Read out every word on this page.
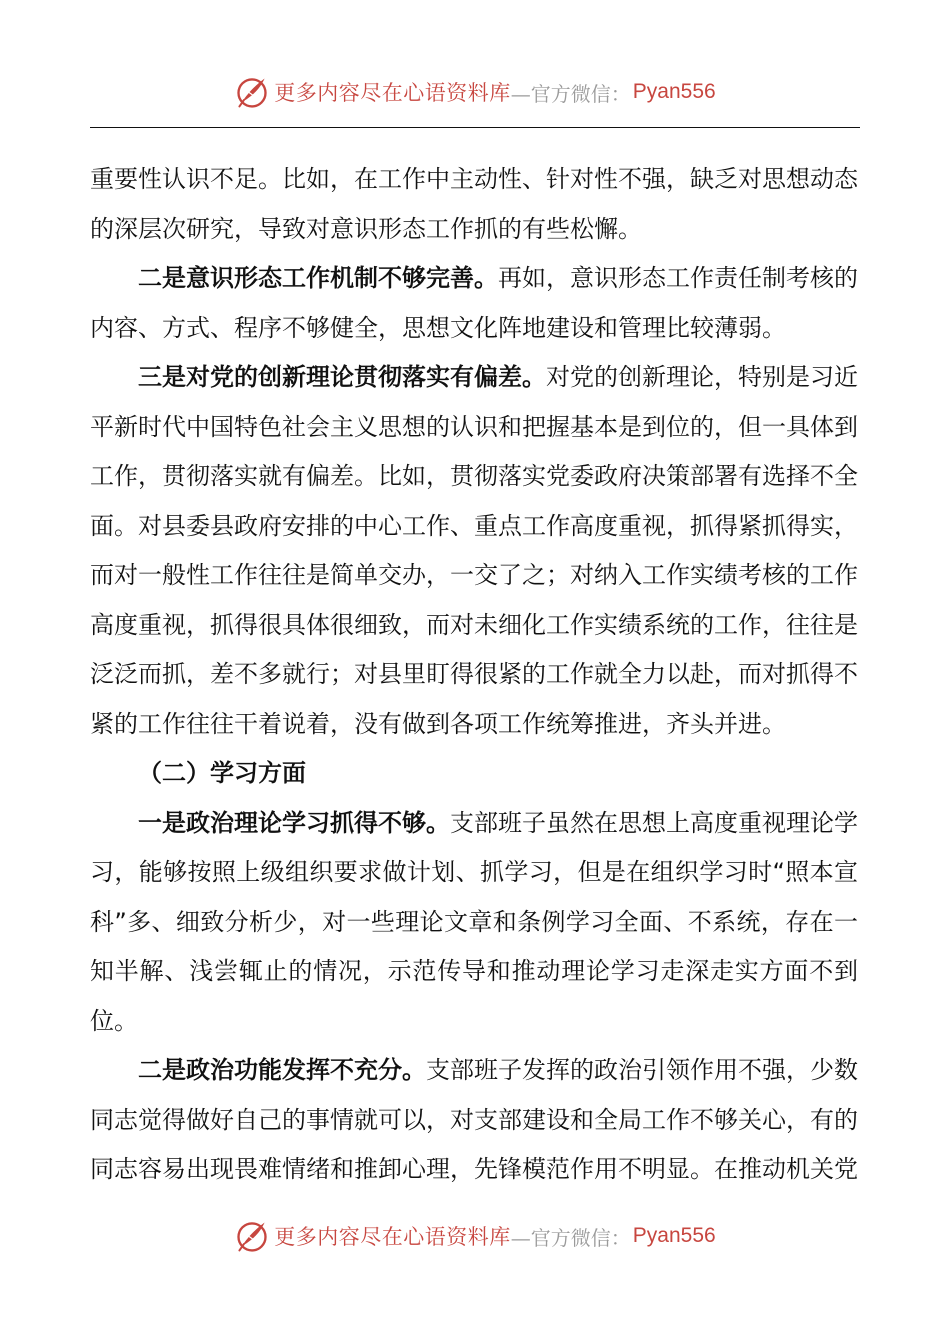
更多内容尽在心语资料库 —官方微信： Pyan556

重要性认识不足。比如，在工作中主动性、针对性不强，缺乏对思想动态的深层次研究，导致对意识形态工作抓的有些松懈。

二是意识形态工作机制不够完善。再如，意识形态工作责任制考核的内容、方式、程序不够健全，思想文化阵地建设和管理比较薄弱。

三是对党的创新理论贯彻落实有偏差。对党的创新理论，特别是习近平新时代中国特色社会主义思想的认识和把握基本是到位的，但一具体到工作，贯彻落实就有偏差。比如，贯彻落实党委政府决策部署有选择不全面。对县委县政府安排的中心工作、重点工作高度重视，抓得紧抓得实，而对一般性工作往往是简单交办，一交了之；对纳入工作实绩考核的工作高度重视，抓得很具体很细致，而对未细化工作实绩系统的工作，往往是泛泛而抓，差不多就行；对县里盯得很紧的工作就全力以赴，而对抓得不紧的工作往往干着说着，没有做到各项工作统筹推进，齐头并进。

（二）学习方面

一是政治理论学习抓得不够。支部班子虽然在思想上高度重视理论学习，能够按照上级组织要求做计划、抓学习，但是在组织学习时“照本宣科”多、细致分析少，对一些理论文章和条例学习全面、不系统，存在一知半解、浅尝辄止的情况，示范传导和推动理论学习走深走实方面不到位。

二是政治功能发挥不充分。支部班子发挥的政治引领作用不强，少数同志觉得做好自己的事情就可以，对支部建设和全局工作不够关心，有的同志容易出现畏难情绪和推卸心理，先锋模范作用不明显。在推动机关党

更多内容尽在心语资料库 —官方微信： Pyan556
